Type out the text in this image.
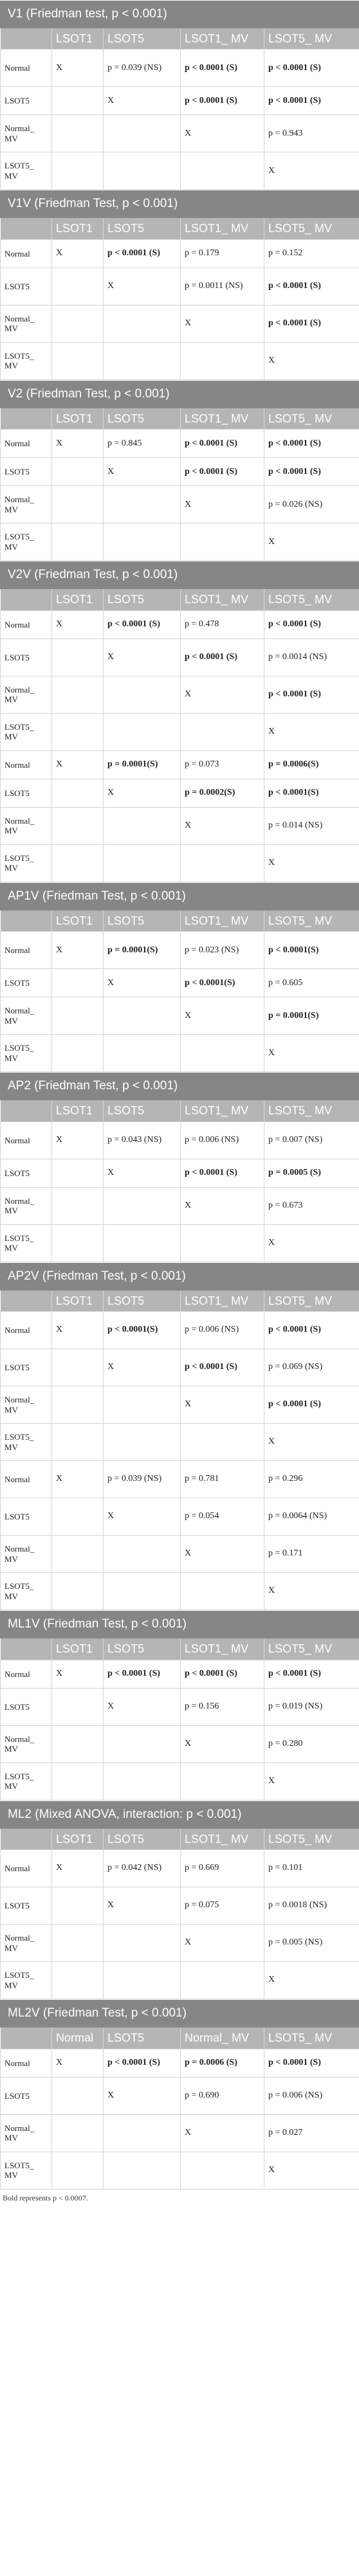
V1 (Friedman test, p < 0.001)
	LSOT1	LSOT5	LSOT1_ MV	LSOT5_ MV
Normal	X	p = 0.039 (NS)	p < 0.0001 (S)	p < 0.0001 (S)
LSOT5		X	p < 0.0001 (S)	p < 0.0001 (S)
Normal_ MV			X	p = 0.943
LSOT5_ MV				X
V1V (Friedman Test, p < 0.001)
	LSOT1	LSOT5	LSOT1_ MV	LSOT5_ MV
Normal	X	p < 0.0001 (S)	p = 0.179	p = 0.152
LSOT5		X	p = 0.0011 (NS)	p < 0.0001 (S)
Normal_ MV			X	p < 0.0001 (S)
LSOT5_ MV				X
V2 (Friedman Test, p < 0.001)
	LSOT1	LSOT5	LSOT1_ MV	LSOT5_ MV
Normal	X	p = 0.845	p < 0.0001 (S)	p < 0.0001 (S)
LSOT5		X	p < 0.0001 (S)	p < 0.0001 (S)
Normal_ MV			X	p = 0.026 (NS)
LSOT5_ MV				X
V2V (Friedman Test, p < 0.001)
	LSOT1	LSOT5	LSOT1_ MV	LSOT5_ MV
Normal	X	p < 0.0001 (S)	p = 0.478	p < 0.0001 (S)
LSOT5		X	p < 0.0001 (S)	p = 0.0014 (NS)
Normal_ MV			X	p < 0.0001 (S)
LSOT5_ MV				X
Normal	X	p = 0.0001(S)	p = 0.073	p = 0.0006(S)
LSOT5		X	p = 0.0002(S)	p < 0.0001(S)
Normal_ MV			X	p = 0.014 (NS)
LSOT5_ MV				X
AP1V (Friedman Test, p < 0.001)
	LSOT1	LSOT5	LSOT1_ MV	LSOT5_ MV
Normal	X	p = 0.0001(S)	p = 0.023 (NS)	p < 0.0001(S)
LSOT5		X	p < 0.0001(S)	p = 0.605
Normal_ MV			X	p = 0.0001(S)
LSOT5_ MV				X
AP2 (Friedman Test, p < 0.001)
	LSOT1	LSOT5	LSOT1_ MV	LSOT5_ MV
Normal	X	p = 0.043 (NS)	p = 0.006 (NS)	p = 0.007 (NS)
LSOT5		X	p < 0.0001 (S)	p = 0.0005 (S)
Normal_ MV			X	p = 0.673
LSOT5_ MV				X
AP2V (Friedman Test, p < 0.001)
	LSOT1	LSOT5	LSOT1_ MV	LSOT5_ MV
Normal	X	p < 0.0001(S)	p = 0.006 (NS)	p < 0.0001 (S)
LSOT5		X	p < 0.0001 (S)	p = 0.069 (NS)
Normal_ MV			X	p < 0.0001 (S)
LSOT5_ MV				X
Normal	X	p = 0.039 (NS)	p = 0.781	p = 0.296
LSOT5		X	p = 0.054	p = 0.0064 (NS)
Normal_ MV			X	p = 0.171
LSOT5_ MV				X
ML1V (Friedman Test, p < 0.001)
	LSOT1	LSOT5	LSOT1_ MV	LSOT5_ MV
Normal	X	p < 0.0001 (S)	p < 0.0001 (S)	p < 0.0001 (S)
LSOT5		X	p = 0.156	p = 0.019 (NS)
Normal_ MV			X	p = 0.280
LSOT5_ MV				X
ML2 (Mixed ANOVA, interaction: p < 0.001)
	LSOT1	LSOT5	LSOT1_ MV	LSOT5_ MV
Normal	X	p = 0.042 (NS)	p = 0.669	p = 0.101
LSOT5		X	p = 0.075	p = 0.0018 (NS)
Normal_ MV			X	p = 0.005 (NS)
LSOT5_ MV				X
ML2V (Friedman Test, p < 0.001)
	Normal	LSOT5	Normal_ MV	LSOT5_ MV
Normal	X	p < 0.0001 (S)	p = 0.0006 (S)	p < 0.0001 (S)
LSOT5		X	p = 0.690	p = 0.006 (NS)
Normal_ MV			X	p = 0.027
LSOT5_ MV				X
Bold represents p < 0.0007.
